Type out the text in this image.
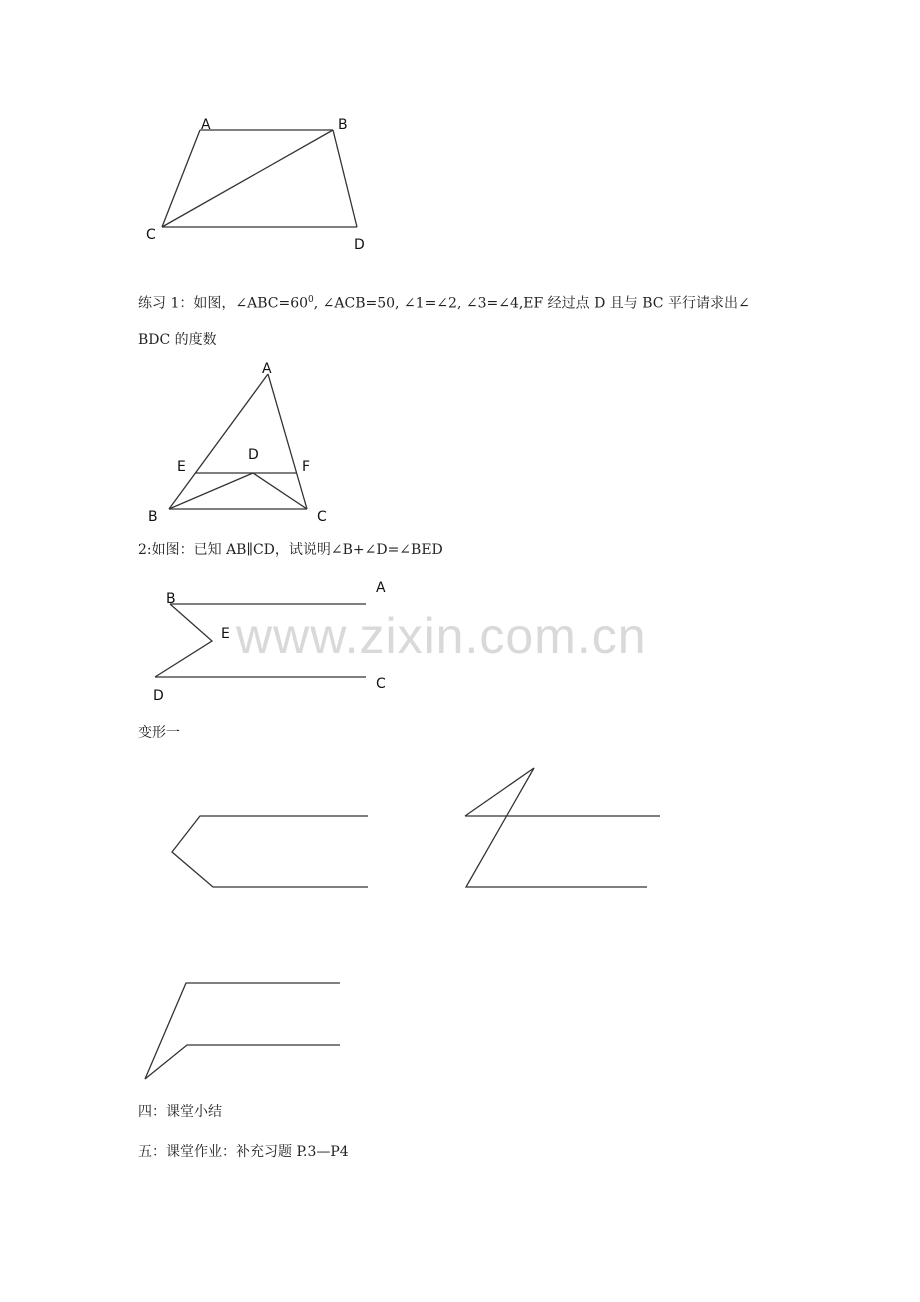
www.zixin.com.cn
A	B
C
D
A
E
D
F
B	C
B
A
E
D
C
练习 1：如图，$\angle ABC=60^0$, ∠ACB=50, ∠1=∠2, ∠3=∠4,EF 经过点 D 且与 BC 平行请求出∠
BDC 的度数
2:如图：已知 AB∥CD，试说明∠B+∠D=∠BED
变形一
四：课堂小结
五：课堂作业：补充习题 P.3—P4
